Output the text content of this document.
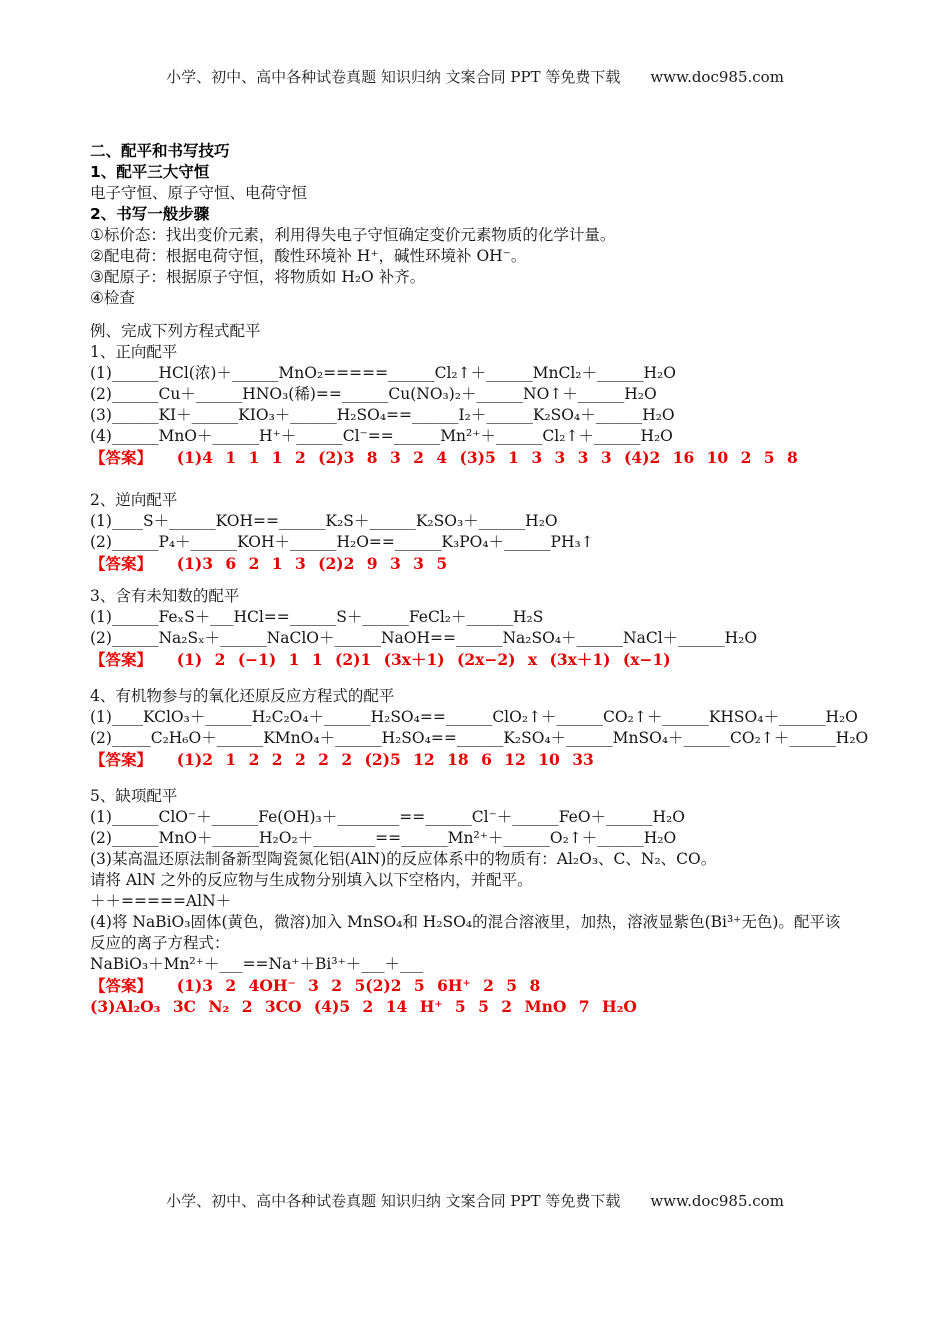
小学、初中、高中各种试卷真题 知识归纳 文案合同 PPT 等免费下载 www.doc985.com
二、配平和书写技巧
1、配平三大守恒
电子守恒、原子守恒、电荷守恒
2、书写一般步骤
①标价态：找出变价元素，利用得失电子守恒确定变价元素物质的化学计量。
②配电荷：根据电荷守恒，酸性环境补 H⁺，碱性环境补 OH⁻。
③配原子：根据原子守恒，将物质如 H₂O 补齐。
④检查
例、完成下列方程式配平
1、正向配平
(1)______HCl(浓)＋______MnO₂=====______Cl₂↑＋______MnCl₂＋______H₂O
(2)______Cu＋______HNO₃(稀)==______Cu(NO₃)₂＋______NO↑＋______H₂O
(3)______KI＋______KIO₃＋______H₂SO₄==______I₂＋______K₂SO₄＋______H₂O
(4)______MnO＋______H⁺＋______Cl⁻==______Mn²⁺＋______Cl₂↑＋______H₂O
【答案】  (1)4 1 1 1 2 (2)3 8 3 2 4 (3)5 1 3 3 3 3 (4)2 16 10 2 5 8
2、逆向配平
(1)____S＋______KOH==______K₂S＋______K₂SO₃＋______H₂O
(2)______P₄＋______KOH＋______H₂O==______K₃PO₄＋______PH₃↑
【答案】  (1)3 6 2 1 3 (2)2 9 3 3 5
3、含有未知数的配平
(1)______FeₓS＋___HCl==______S＋______FeCl₂＋______H₂S
(2)______Na₂Sₓ＋______NaClO＋______NaOH==______Na₂SO₄＋______NaCl＋______H₂O
【答案】  (1) 2 (−1) 1 1 (2)1 (3x＋1) (2x−2) x (3x＋1) (x−1)
4、有机物参与的氧化还原反应方程式的配平
(1)____KClO₃＋______H₂C₂O₄＋______H₂SO₄==______ClO₂↑＋______CO₂↑＋______KHSO₄＋______H₂O
(2)_____C₂H₆O＋______KMnO₄＋______H₂SO₄==______K₂SO₄＋______MnSO₄＋______CO₂↑＋______H₂O
【答案】  (1)2 1 2 2 2 2 2 (2)5 12 18 6 12 10 33
5、缺项配平
(1)______ClO⁻＋______Fe(OH)₃＋________==______Cl⁻＋______FeO＋______H₂O
(2)______MnO＋______H₂O₂＋________==______Mn²⁺＋______O₂↑＋______H₂O
(3)某高温还原法制备新型陶瓷氮化铝(AlN)的反应体系中的物质有：Al₂O₃、C、N₂、CO。
请将 AlN 之外的反应物与生成物分别填入以下空格内，并配平。
＋＋=====AlN＋
(4)将 NaBiO₃固体(黄色，微溶)加入 MnSO₄和 H₂SO₄的混合溶液里，加热，溶液显紫色(Bi³⁺无色)。配平该
反应的离子方程式：
NaBiO₃＋Mn²⁺＋___==Na⁺＋Bi³⁺＋___＋___
【答案】  (1)3 2 4OH⁻ 3 2 5(2)2 5 6H⁺ 2 5 8
(3)Al₂O₃ 3C N₂ 2 3CO (4)5 2 14 H⁺ 5 5 2 MnO 7 H₂O
小学、初中、高中各种试卷真题 知识归纳 文案合同 PPT 等免费下载 www.doc985.com
